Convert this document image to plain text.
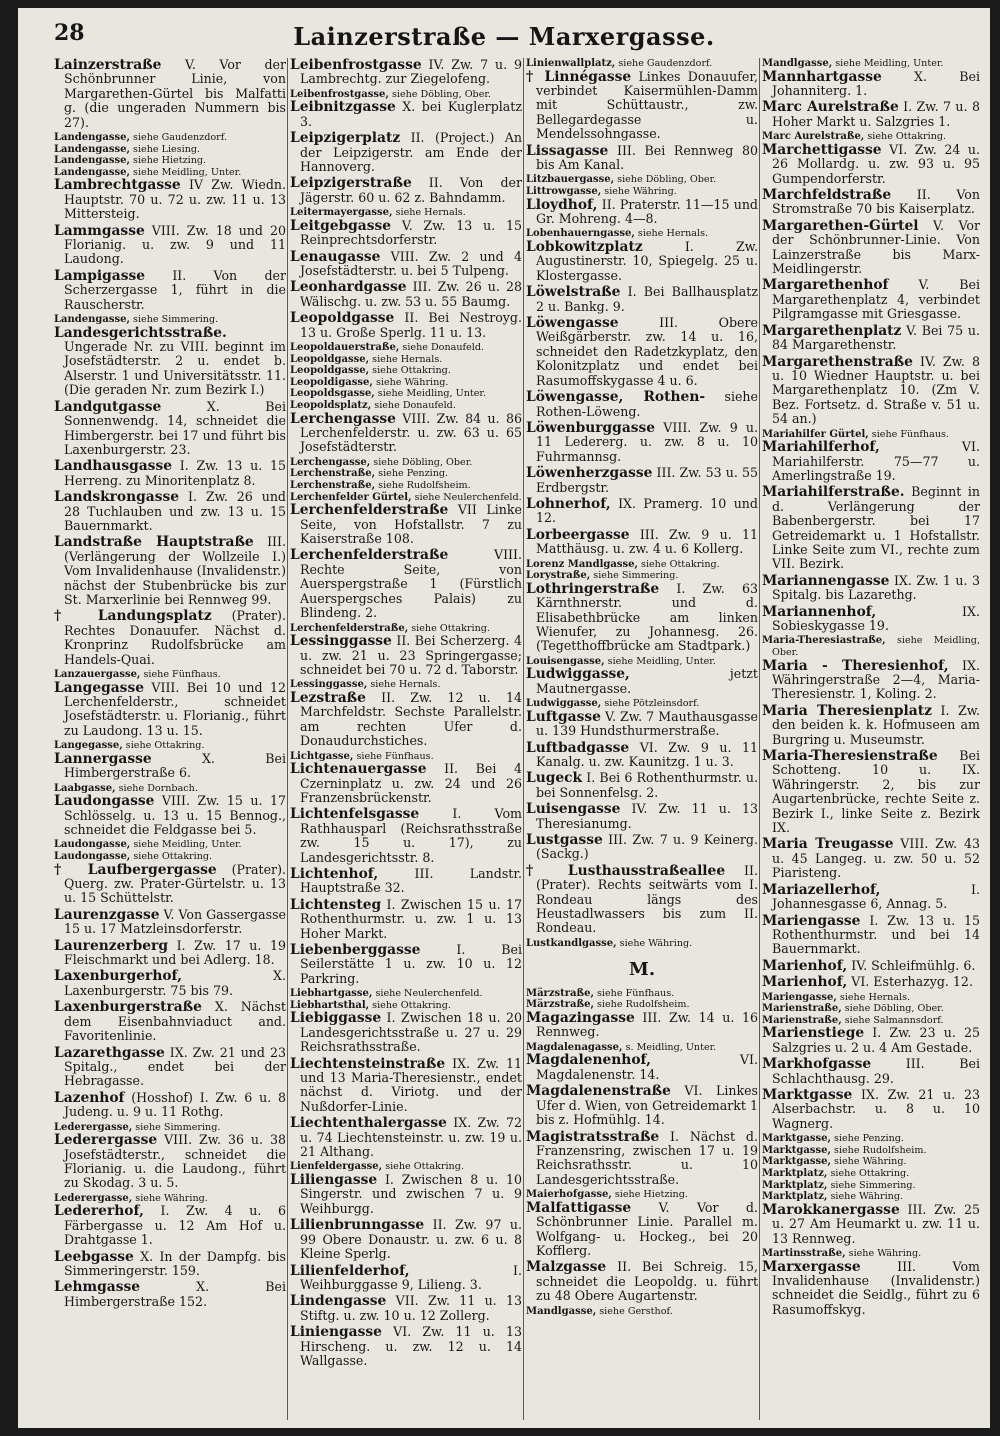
28	Lainzerstraße — Marxergasse.
Lainzerstraße V. Vor der Schönbrunner Linie, von Margarethen-Gürtel bis Malfatti g. (die ungeraden Nummern bis 27).
Landengasse, siehe Gaudenzdorf.
Landengasse, siehe Liesing.
Landengasse, siehe Hietzing.
Landengasse, siehe Meidling, Unter.
Lambrechtgasse IV Zw. Wiedn. Hauptstr. 70 u. 72 u. zw. 11 u. 13 Mittersteig.
Lammgasse VIII. Zw. 18 und 20 Florianig. u. zw. 9 und 11 Laudong.
Lampigasse II. Von der Scherzergasse 1, führt in die Rauscherstr.
Landengasse, siehe Simmering.
Landesgerichtsstraße. Ungerade Nr. zu VIII. beginnt im Josefstädterstr. 2 u. endet b. Alserstr. 1 und Universitätsstr. 11. (Die geraden Nr. zum Bezirk I.)
Landgutgasse	X. Bei Sonnenwendg. 14, schneidet die Himbergerstr. bei 17 und führt bis Laxenburgerstr. 23.
Landhausgasse I. Zw. 13 u. 15 Herreng. zu Minoritenplatz 8.
Landskrongasse I. Zw. 26 und 28 Tuchlauben und zw. 13 u. 15 Bauernmarkt.
Landstraße Hauptstraße III. (Verlängerung der Wollzeile I.) Vom Invalidenhause (Invalidenstr.) nächst der Stubenbrücke bis zur St. Marxerlinie bei Rennweg 99.
† Landungsplatz (Prater). Rechtes Donauufer. Nächst d. Kronprinz Rudolfsbrücke am Handels-Quai.
Lanzauergasse, siehe Fünfhaus.
Langegasse VIII. Bei 10 und 12 Lerchenfelderstr., schneidet Josefstädterstr. u. Florianig., führt zu Laudong. 13 u. 15.
Langegasse, siehe Ottakring.
Lannergasse	X. Bei Himbergerstraße 6.
Laabgasse, siehe Dornbach.
Laudongasse VIII. Zw. 15 u. 17 Schlösselg. u. 13 u. 15 Bennog., schneidet die Feldgasse bei 5.
Laudongasse, siehe Meidling, Unter.
Laudongasse, siehe Ottakring.
† Laufbergergasse (Prater). Querg. zw. Prater-Gürtelstr. u. 13 u. 15 Schüttelstr.
Laurenzgasse V. Von Gassergasse 15 u. 17 Matzleinsdorferstr.
Laurenzerberg I. Zw. 17 u. 19 Fleischmarkt und bei Adlerg. 18.
Laxenburgerhof,	X. Laxenburgerstr. 75 bis 79.
Laxenburgerstraße X. Nächst dem Eisenbahnviaduct and. Favoritenlinie.
Lazarethgasse IX. Zw. 21 und 23 Spitalg., endet bei der Hebragasse.
Lazenhof (Hosshof) I. Zw. 6 u. 8 Judeng. u. 9 u. 11 Rothg.
Lederergasse, siehe Simmering.
Lederergasse VIII. Zw. 36 u. 38 Josefstädterstr., schneidet die Florianig. u. die Laudong., führt zu Skodag. 3 u. 5.
Lederergasse, siehe Währing.
Ledererhof, I. Zw. 4 u. 6 Färbergasse u. 12 Am Hof u. Drahtgasse 1.
Leebgasse X. In der Dampfg. bis Simmeringerstr. 159.
Lehmgasse	X. Bei Himbergerstraße 152.
Leibenfrostgasse IV. Zw. 7 u. 9 Lambrechtg. zur Ziegelofeng.
Leibenfrostgasse, siehe Döbling, Ober.
Leibnitzgasse X. bei Kuglerplatz 3.
Leipzigerplatz II. (Project.) An der Leipzigerstr. am Ende der Hannoverg.
Leipzigerstraße II. Von der Jägerstr. 60 u. 62 z. Bahndamm.
Leitermayergasse, siehe Hernals.
Leitgebgasse V. Zw. 13 u. 15 Reinprechtsdorferstr.
Lenaugasse VIII. Zw. 2 und 4 Josefstädterstr. u. bei 5 Tulpeng.
Leonhardgasse III. Zw. 26 u. 28 Wälischg. u. zw. 53 u. 55 Baumg.
Leopoldgasse II. Bei Nestroyg. 13 u. Große Sperlg. 11 u. 13.
Leopoldauerstraße, siehe Donaufeld.
Leopoldgasse, siehe Hernals.
Leopoldgasse, siehe Ottakring.
Leopoldigasse, siehe Währing.
Leopoldsgasse, siehe Meidling, Unter.
Leopoldsplatz, siehe Donaufeld.
Lerchengasse VIII. Zw. 84 u. 86 Lerchenfelderstr. u. zw. 63 u. 65 Josefstädterstr.
Lerchengasse, siehe Döbling, Ober.
Lerchenstraße, siehe Penzing.
Lerchenstraße, siehe Rudolfsheim.
Lerchenfelder Gürtel, siehe Neulerchenfeld.
Lerchenfelderstraße VII Linke Seite, von Hofstallstr. 7 zu Kaiserstraße 108.
Lerchenfelderstraße	VIII. Rechte Seite, von Auerspergstraße 1 (Fürstlich Auerspergsches Palais) zu Blindeng. 2.
Lerchenfelderstraße, siehe Ottakring.
Lessinggasse II. Bei Scherzerg. 4 u. zw. 21 u. 23 Springergasse; schneidet bei 70 u. 72 d. Taborstr.
Lessinggasse, siehe Hernals.
Lezstraße II. Zw. 12 u. 14 Marchfeldstr. Sechste Parallelstr. am rechten Ufer d. Donaudurchstiches.
Lichtgasse, siehe Fünfhaus.
Lichtenauergasse II. Bei 4 Czerninplatz u. zw. 24 und 26 Franzensbrückenstr.
Lichtenfelsgasse	I. Vom Rathhausparl (Reichsrathsstraße zw. 15 u. 17), zu Landesgerichtsstr. 8.
Lichtenhof,	III. Landstr. Hauptstraße 32.
Lichtensteg I. Zwischen 15 u. 17 Rothenthurmstr. u. zw. 1 u. 13 Hoher Markt.
Liebenberggasse	I. Bei Seilerstätte 1 u. zw. 10 u. 12 Parkring.
Liebhartgasse, siehe Neulerchenfeld.
Liebhartsthal, siehe Ottakring.
Liebiggasse I. Zwischen 18 u. 20 Landesgerichtsstraße u. 27 u. 29 Reichsrathsstraße.
Liechtensteinstraße IX. Zw. 11 und 13 Maria-Theresienstr., endet nächst d. Viriotg. und der Nußdorfer-Linie.
Liechtenthalergasse IX. Zw. 72 u. 74 Liechtensteinstr. u. zw. 19 u. 21 Althang.
Lienfeldergasse, siehe Ottakring.
Liliengasse I. Zwischen 8 u. 10 Singerstr. und zwischen 7 u. 9 Weihburgg.
Lilienbrunngasse II. Zw. 97 u. 99 Obere Donaustr. u. zw. 6 u. 8 Kleine Sperlg.
Lilienfelderhof,	I. Weihburggasse 9, Lilieng. 3.
Lindengasse VII. Zw. 11 u. 13 Stiftg. u. zw. 10 u. 12 Zollerg.
Liniengasse VI. Zw. 11 u. 13 Hirscheng. u. zw. 12 u. 14 Wallgasse.
Linienwallplatz, siehe Gaudenzdorf.
† Linnégasse Linkes Donauufer, verbindet Kaisermühlen-Damm mit Schüttaustr., zw. Bellegardegasse u. Mendelssohngasse.
Lissagasse III. Bei Rennweg 80 bis Am Kanal.
Litzbauergasse, siehe Döbling, Ober.
Littrowgasse, siehe Währing.
Lloydhof, II. Praterstr. 11—15 und Gr. Mohreng. 4—8.
Lobenhauerngasse, siehe Hernals.
Lobkowitzplatz	I. Zw. Augustinerstr. 10, Spiegelg. 25 u. Klostergasse.
Löwelstraße I. Bei Ballhausplatz 2 u. Bankg. 9.
Löwengasse	III. Obere Weißgärberstr. zw. 14 u. 16, schneidet den Radetzkyplatz, den Kolonitzplatz und endet bei Rasumoffskygasse 4 u. 6.
Löwengasse, Rothen- siehe Rothen-Löweng.
Löwenburggasse VIII. Zw. 9 u. 11 Ledererg. u. zw. 8 u. 10 Fuhrmannsg.
Löwenherzgasse III. Zw. 53 u. 55 Erdbergstr.
Lohnerhof, IX. Pramerg. 10 und 12.
Lorbeergasse III. Zw. 9 u. 11 Matthäusg. u. zw. 4 u. 6 Kollerg.
Lorenz Mandlgasse, siehe Ottakring.
Lorystraße, siehe Simmering.
Lothringerstraße I. Zw. 63 Kärnthnerstr. und d. Elisabethbrücke am linken Wienufer, zu Johannesg. 26. (Tegetthoffbrücke am Stadtpark.)
Louisengasse, siehe Meidling, Unter.
Ludwiggasse,	jetzt Mautnergasse.
Ludwiggasse, siehe Pötzleinsdorf.
Luftgasse V. Zw. 7 Mauthausgasse u. 139 Hundsthurmerstraße.
Luftbadgasse VI. Zw. 9 u. 11 Kanalg. u. zw. Kaunitzg. 1 u. 3.
Lugeck I. Bei 6 Rothenthurmstr. u. bei Sonnenfelsg. 2.
Luisengasse IV. Zw. 11 u. 13 Theresianumg.
Lustgasse III. Zw. 7 u. 9 Keinerg. (Sackg.)
† Lusthausstraßeallee II. (Prater). Rechts seitwärts vom I. Rondeau längs des Heustadlwassers bis zum II. Rondeau.
Lustkandlgasse, siehe Währing.
M.
Märzstraße, siehe Fünfhaus.
Märzstraße, siehe Rudolfsheim.
Magazingasse III. Zw. 14 u. 16 Rennweg.
Magdalenagasse, s. Meidling, Unter.
Magdalenenhof,	VI. Magdalenenstr. 14.
Magdalenenstraße VI. Linkes Ufer d. Wien, von Getreidemarkt 1 bis z. Hofmühlg. 14.
Magistratsstraße I. Nächst d. Franzensring, zwischen 17 u. 19 Reichsrathsstr. u. 10 Landesgerichtsstraße.
Maierhofgasse, siehe Hietzing.
Malfattigasse V. Vor d. Schönbrunner Linie. Parallel m. Wolfgang- u. Hockeg., bei 20 Kofflerg.
Malzgasse II. Bei Schreig. 15, schneidet die Leopoldg. u. führt zu 48 Obere Augartenstr.
Mandlgasse, siehe Gersthof.
Mandlgasse, siehe Meidling, Unter.
Mannhartgasse	X. Bei Johanniterg. 1.
Marc Aurelstraße I. Zw. 7 u. 8 Hoher Markt u. Salzgries 1.
Marc Aurelstraße, siehe Ottakring.
Marchettigasse VI. Zw. 24 u. 26 Mollardg. u. zw. 93 u. 95 Gumpendorferstr.
Marchfeldstraße II. Von Stromstraße 70 bis Kaiserplatz.
Margarethen-Gürtel V. Vor der Schönbrunner-Linie. Von Lainzerstraße bis Marx-Meidlingerstr.
Margarethenhof V. Bei Margarethenplatz 4, verbindet Pilgramgasse mit Griesgasse.
Margarethenplatz V. Bei 75 u. 84 Margarethenstr.
Margarethenstraße IV. Zw. 8 u. 10 Wiedner Hauptstr. u. bei Margarethenplatz 10. (Zm V. Bez. Fortsetz. d. Straße v. 51 u. 54 an.)
Mariahilfer Gürtel, siehe Fünfhaus.
Mariahilferhof,	VI. Mariahilferstr. 75—77 u. Amerlingstraße 19.
Mariahilferstraße. Beginnt in d. Verlängerung der Babenbergerstr. bei 17 Getreidemarkt u. 1 Hofstallstr. Linke Seite zum VI., rechte zum VII. Bezirk.
Mariannengasse IX. Zw. 1 u. 3 Spitalg. bis Lazarethg.
Mariannenhof,	IX. Sobieskygasse 19.
Maria-Theresiastraße, siehe Meidling, Ober.
Maria - Theresienhof, IX. Währingerstraße 2—4, Maria-Theresienstr. 1, Koling. 2.
Maria Theresienplatz I. Zw. den beiden k. k. Hofmuseen am Burgring u. Museumstr.
Maria-Theresienstraße Bei Schotteng. 10 u. IX. Währingerstr. 2, bis zur Augartenbrücke, rechte Seite z. Bezirk I., linke Seite z. Bezirk IX.
Maria Treugasse VIII. Zw. 43 u. 45 Langeg. u. zw. 50 u. 52 Piaristeng.
Mariazellerhof,	I. Johannesgasse 6, Annag. 5.
Mariengasse I. Zw. 13 u. 15 Rothenthurmstr. und bei 14 Bauernmarkt.
Marienhof, IV. Schleifmühlg. 6.
Marienhof, VI. Esterhazyg. 12.
Mariengasse, siehe Hernals.
Marienstraße, siehe Döbling, Ober.
Marienstraße, siehe Salmannsdorf.
Marienstiege I. Zw. 23 u. 25 Salzgries u. 2 u. 4 Am Gestade.
Markhofgasse	III. Bei Schlachthausg. 29.
Marktgasse IX. Zw. 21 u. 23 Alserbachstr. u. 8 u. 10 Wagnerg.
Marktgasse, siehe Penzing.
Marktgasse, siehe Rudolfsheim.
Marktgasse, siehe Währing.
Marktplatz, siehe Ottakring.
Marktplatz, siehe Simmering.
Marktplatz, siehe Währing.
Marokkanergasse III. Zw. 25 u. 27 Am Heumarkt u. zw. 11 u. 13 Rennweg.
Martinsstraße, siehe Währing.
Marxergasse	III. Vom Invalidenhause (Invalidenstr.) schneidet die Seidlg., führt zu 6 Rasumoffskyg.
